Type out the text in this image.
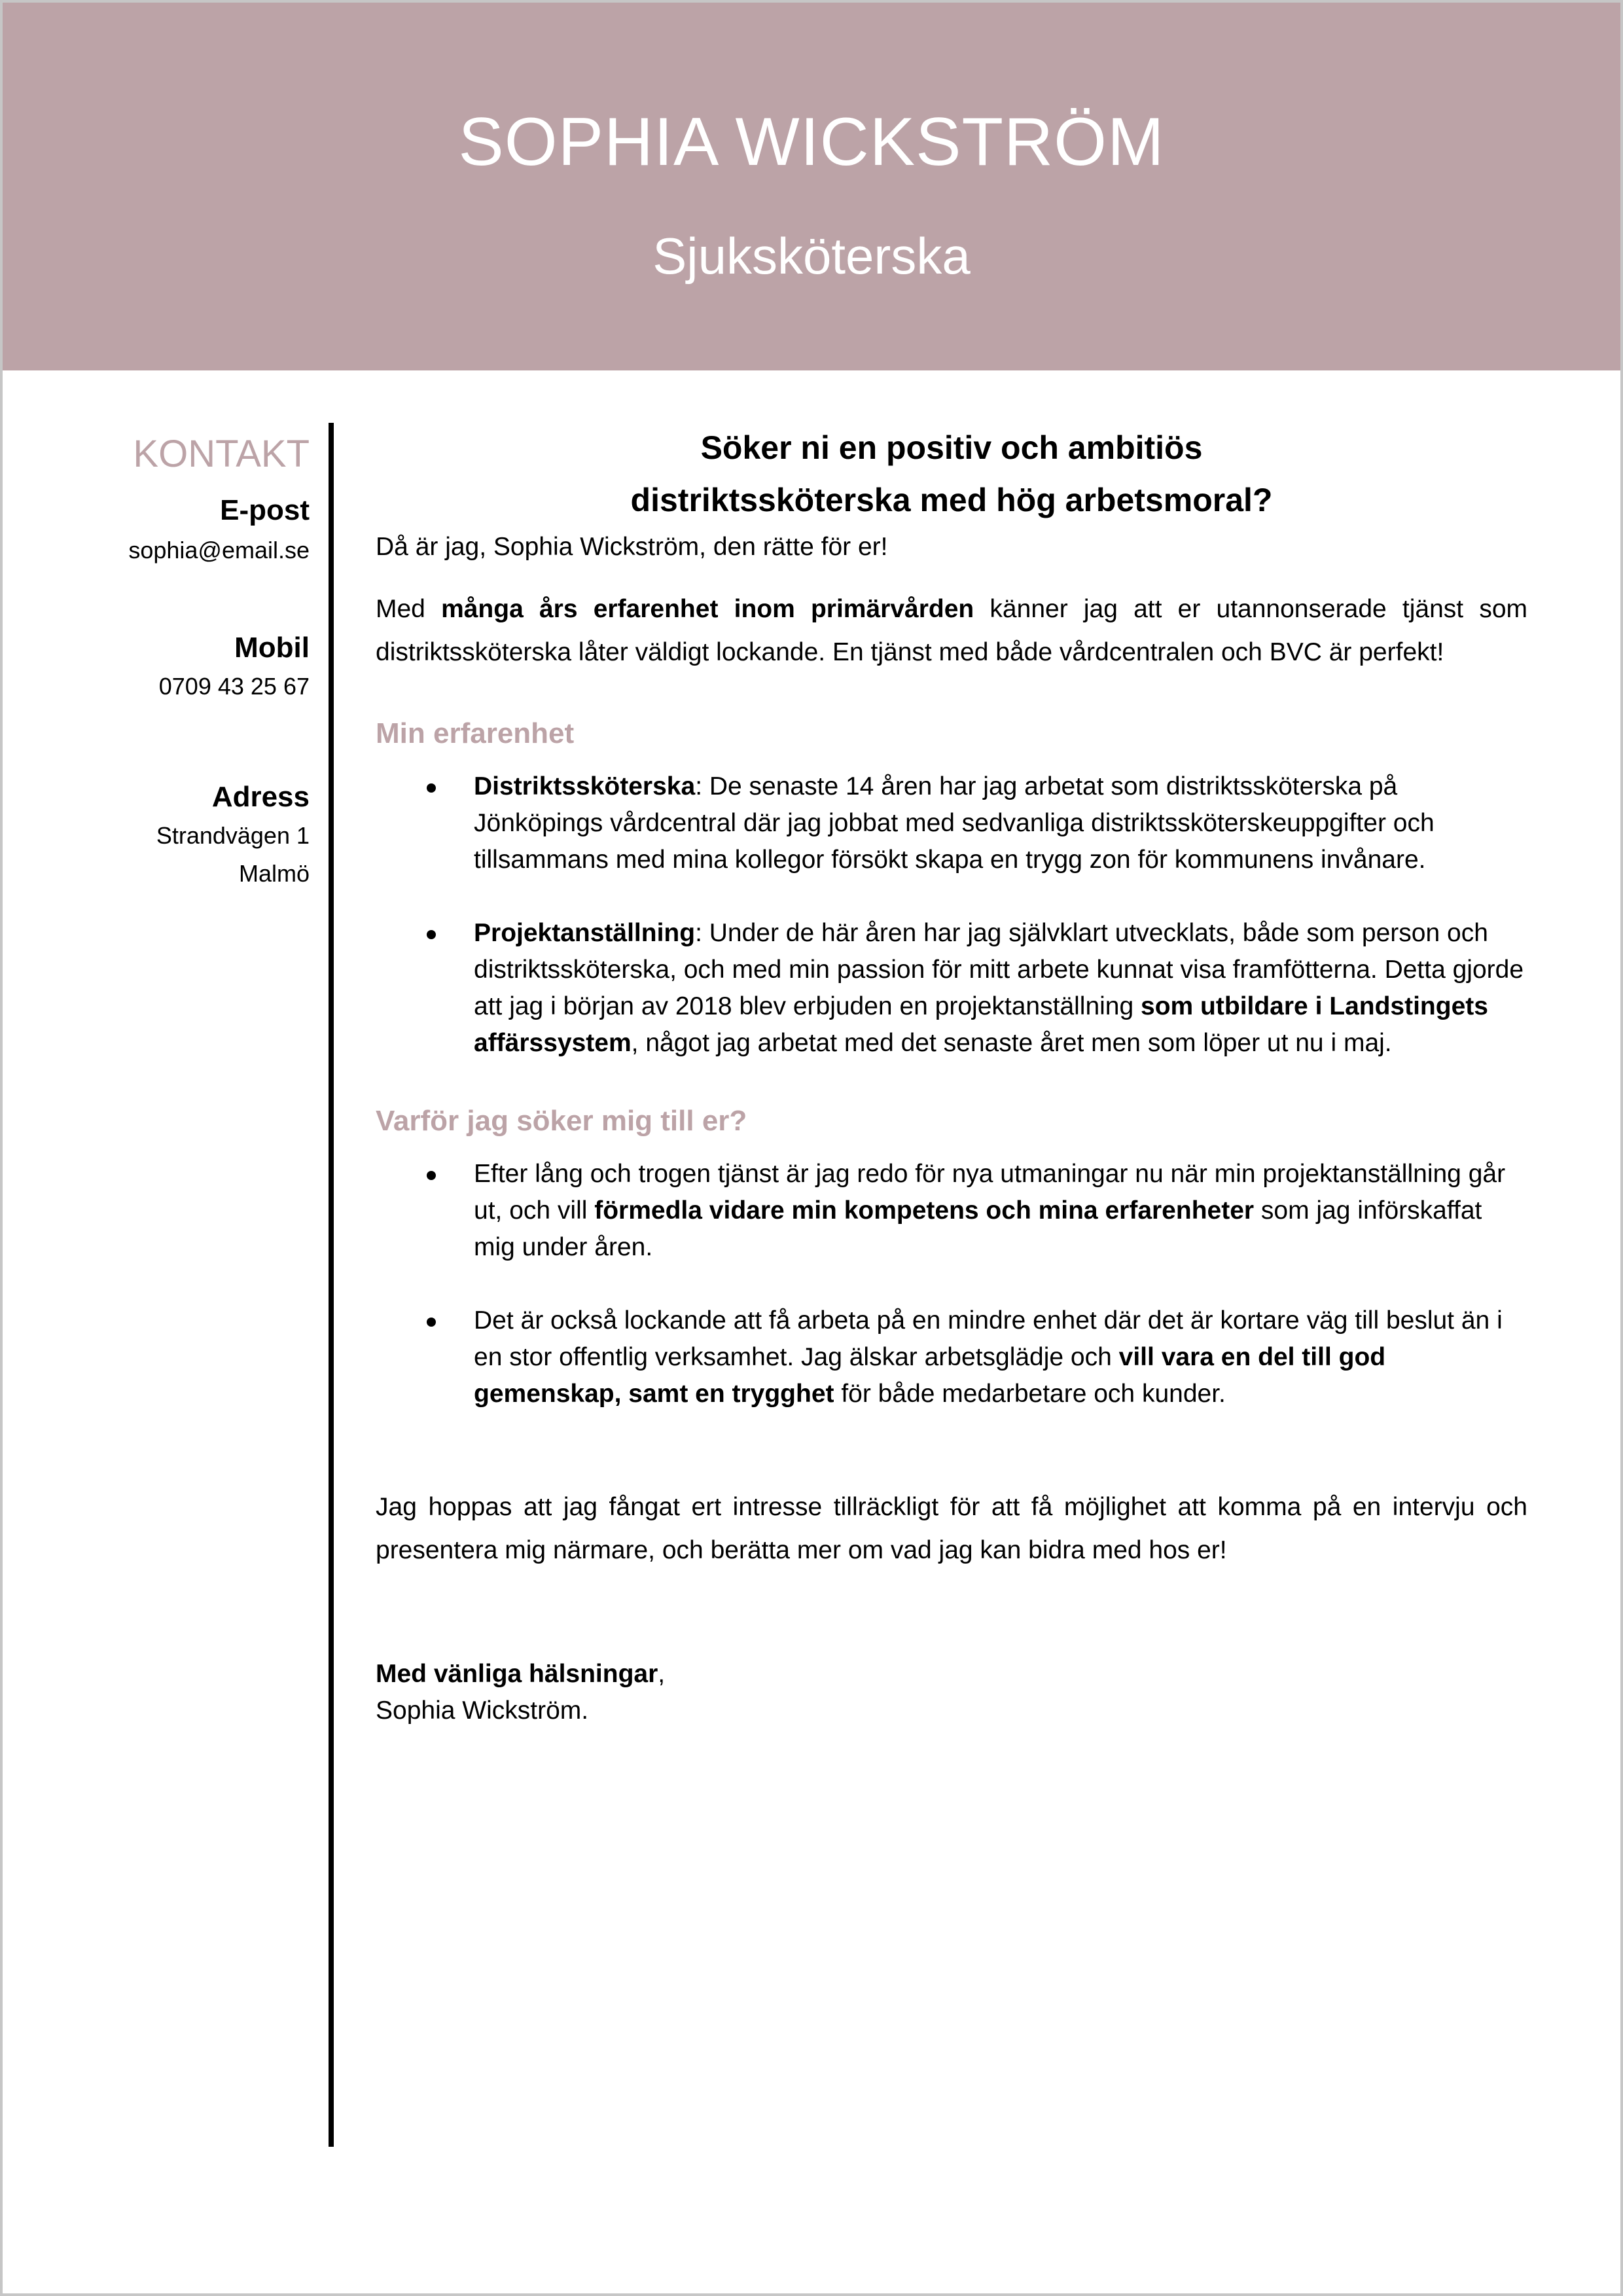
SOPHIA WICKSTRÖM
Sjuksköterska

KONTAKT

E-post

sophia@email.se

Mobil

0709 43 25 67

Adress

Strandvägen 1

Malmö

Söker ni en positiv och ambitiös
distriktssköterska med hög arbetsmoral?

Då är jag, Sophia Wickström, den rätte för er!

Med många års erfarenhet inom primärvården känner jag att er utannonserade tjänst som distriktssköterska låter väldigt lockande. En tjänst med både vårdcentralen och BVC är perfekt!

Min erfarenhet

Distriktssköterska: De senaste 14 åren har jag arbetat som distriktssköterska på Jönköpings vårdcentral där jag jobbat med sedvanliga distriktssköterskeuppgifter och tillsammans med mina kollegor försökt skapa en trygg zon för kommunens invånare.
Projektanställning: Under de här åren har jag självklart utvecklats, både som person och distriktssköterska, och med min passion för mitt arbete kunnat visa framfötterna. Detta gjorde att jag i början av 2018 blev erbjuden en projektanställning som utbildare i Landstingets affärssystem, något jag arbetat med det senaste året men som löper ut nu i maj.

Varför jag söker mig till er?

Efter lång och trogen tjänst är jag redo för nya utmaningar nu när min projektanställning går ut, och vill förmedla vidare min kompetens och mina erfarenheter som jag införskaffat mig under åren.
Det är också lockande att få arbeta på en mindre enhet där det är kortare väg till beslut än i en stor offentlig verksamhet. Jag älskar arbetsglädje och vill vara en del till god gemenskap, samt en trygghet för både medarbetare och kunder.

Jag hoppas att jag fångat ert intresse tillräckligt för att få möjlighet att komma på en intervju och presentera mig närmare, och berätta mer om vad jag kan bidra med hos er!

Med vänliga hälsningar,
Sophia Wickström.
